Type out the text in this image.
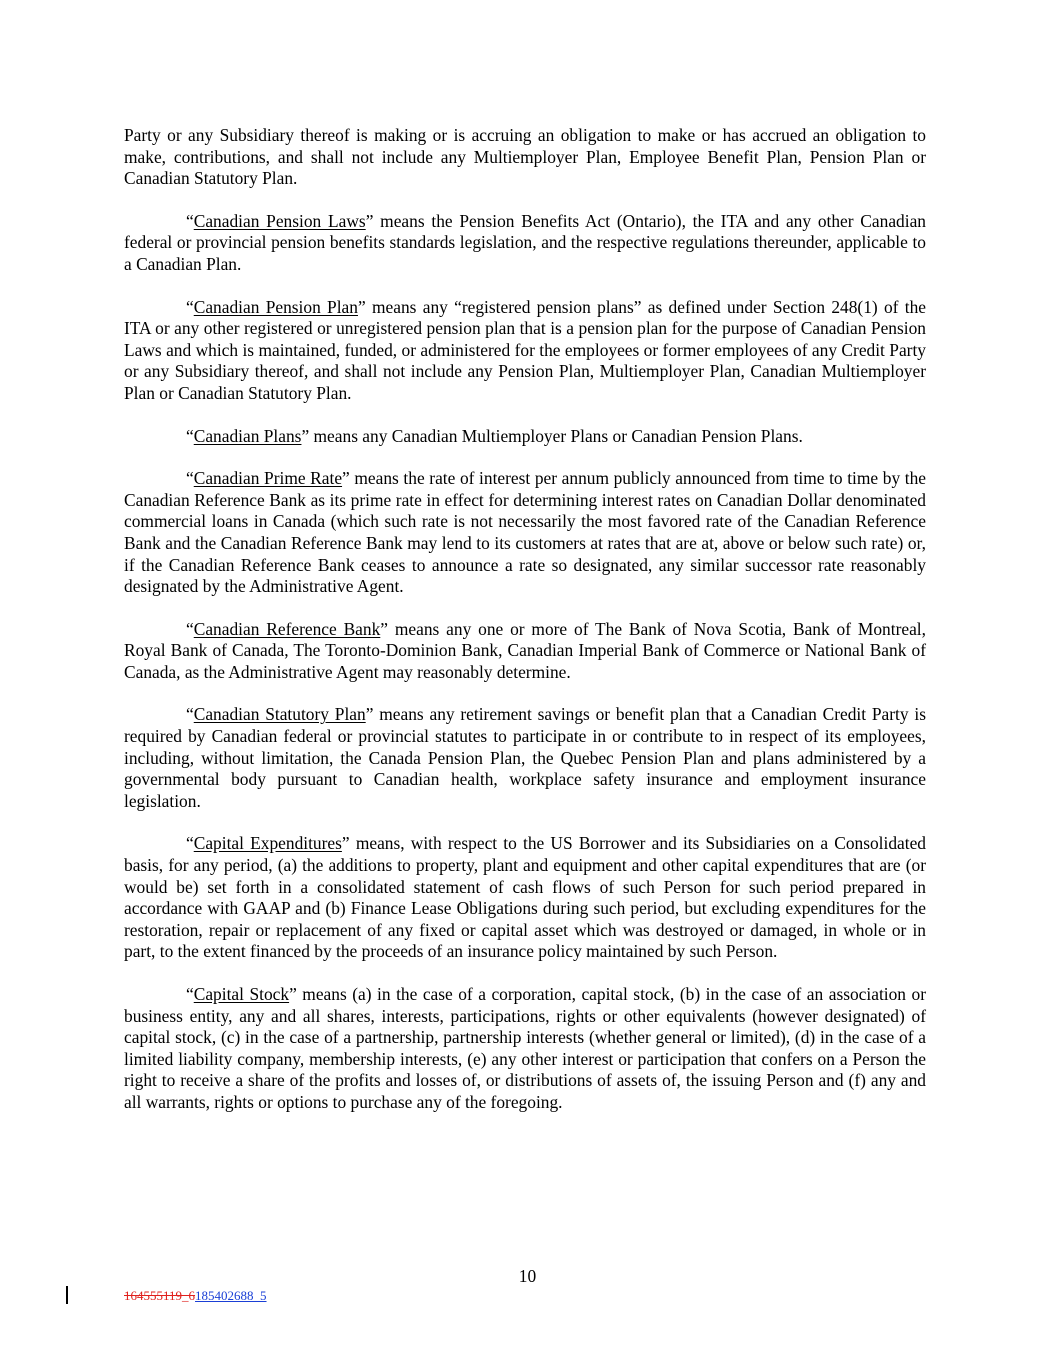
Party or any Subsidiary thereof is making or is accruing an obligation to make or has accrued an obligation to make, contributions, and shall not include any Multiemployer Plan, Employee Benefit Plan, Pension Plan or Canadian Statutory Plan.

“Canadian Pension Laws” means the Pension Benefits Act (Ontario), the ITA and any other Canadian federal or provincial pension benefits standards legislation, and the respective regulations thereunder, applicable to a Canadian Plan.

“Canadian Pension Plan” means any “registered pension plans” as defined under Section 248(1) of the ITA or any other registered or unregistered pension plan that is a pension plan for the purpose of Canadian Pension Laws and which is maintained, funded, or administered for the employees or former employees of any Credit Party or any Subsidiary thereof, and shall not include any Pension Plan, Multiemployer Plan, Canadian Multiemployer Plan or Canadian Statutory Plan.

“Canadian Plans” means any Canadian Multiemployer Plans or Canadian Pension Plans.

“Canadian Prime Rate” means the rate of interest per annum publicly announced from time to time by the Canadian Reference Bank as its prime rate in effect for determining interest rates on Canadian Dollar denominated commercial loans in Canada (which such rate is not necessarily the most favored rate of the Canadian Reference Bank and the Canadian Reference Bank may lend to its customers at rates that are at, above or below such rate) or, if the Canadian Reference Bank ceases to announce a rate so designated, any similar successor rate reasonably designated by the Administrative Agent.

“Canadian Reference Bank” means any one or more of The Bank of Nova Scotia, Bank of Montreal, Royal Bank of Canada, The Toronto-Dominion Bank, Canadian Imperial Bank of Commerce or National Bank of Canada, as the Administrative Agent may reasonably determine.

“Canadian Statutory Plan” means any retirement savings or benefit plan that a Canadian Credit Party is required by Canadian federal or provincial statutes to participate in or contribute to in respect of its employees, including, without limitation, the Canada Pension Plan, the Quebec Pension Plan and plans administered by a governmental body pursuant to Canadian health, workplace safety insurance and employment insurance legislation.

“Capital Expenditures” means, with respect to the US Borrower and its Subsidiaries on a Consolidated basis, for any period, (a) the additions to property, plant and equipment and other capital expenditures that are (or would be) set forth in a consolidated statement of cash flows of such Person for such period prepared in accordance with GAAP and (b) Finance Lease Obligations during such period, but excluding expenditures for the restoration, repair or replacement of any fixed or capital asset which was destroyed or damaged, in whole or in part, to the extent financed by the proceeds of an insurance policy maintained by such Person.

“Capital Stock” means (a) in the case of a corporation, capital stock, (b) in the case of an association or business entity, any and all shares, interests, participations, rights or other equivalents (however designated) of capital stock, (c) in the case of a partnership, partnership interests (whether general or limited), (d) in the case of a limited liability company, membership interests, (e) any other interest or participation that confers on a Person the right to receive a share of the profits and losses of, or distributions of assets of, the issuing Person and (f) any and all warrants, rights or options to purchase any of the foregoing.

10
164555119_6185402688_5
